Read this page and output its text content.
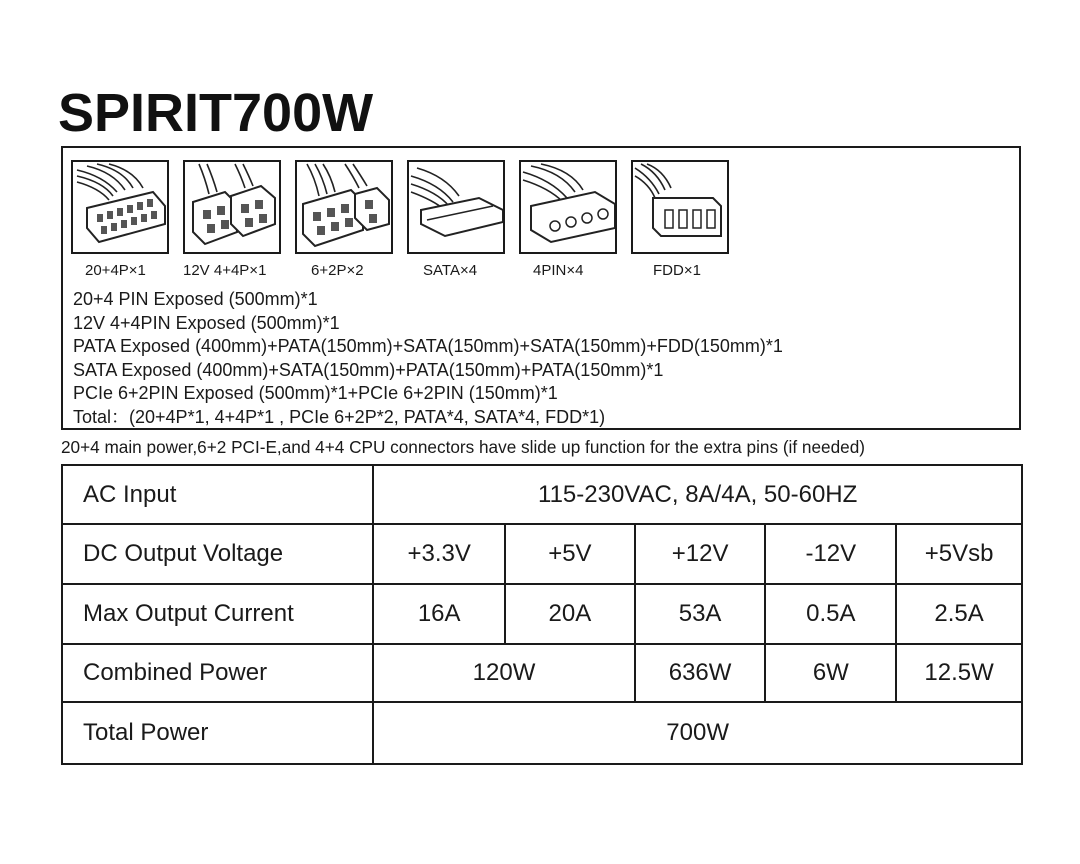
SPIRIT700W
20+4P×1 12V 4+4P×1	6+2P×2	SATA×4	4PIN×4	FDD×1
20+4 PIN Exposed (500mm)*1
12V 4+4PIN Exposed (500mm)*1
PATA Exposed (400mm)+PATA(150mm)+SATA(150mm)+SATA(150mm)+FDD(150mm)*1
SATA Exposed (400mm)+SATA(150mm)+PATA(150mm)+PATA(150mm)*1
PCIe 6+2PIN Exposed (500mm)*1+PCIe 6+2PIN (150mm)*1
Total：(20+4P*1, 4+4P*1 , PCIe 6+2P*2, PATA*4, SATA*4, FDD*1)
20+4 main power,6+2 PCI-E,and 4+4 CPU connectors have slide up function for the extra pins (if needed)
AC Input	115-230VAC, 8A/4A, 50-60HZ				
DC Output Voltage	+3.3V	+5V	+12V	-12V	+5Vsb
Max Output Current	16A	20A	53A	0.5A	2.5A
Combined Power	120W		636W	6W	12.5W
Total Power	700W				
